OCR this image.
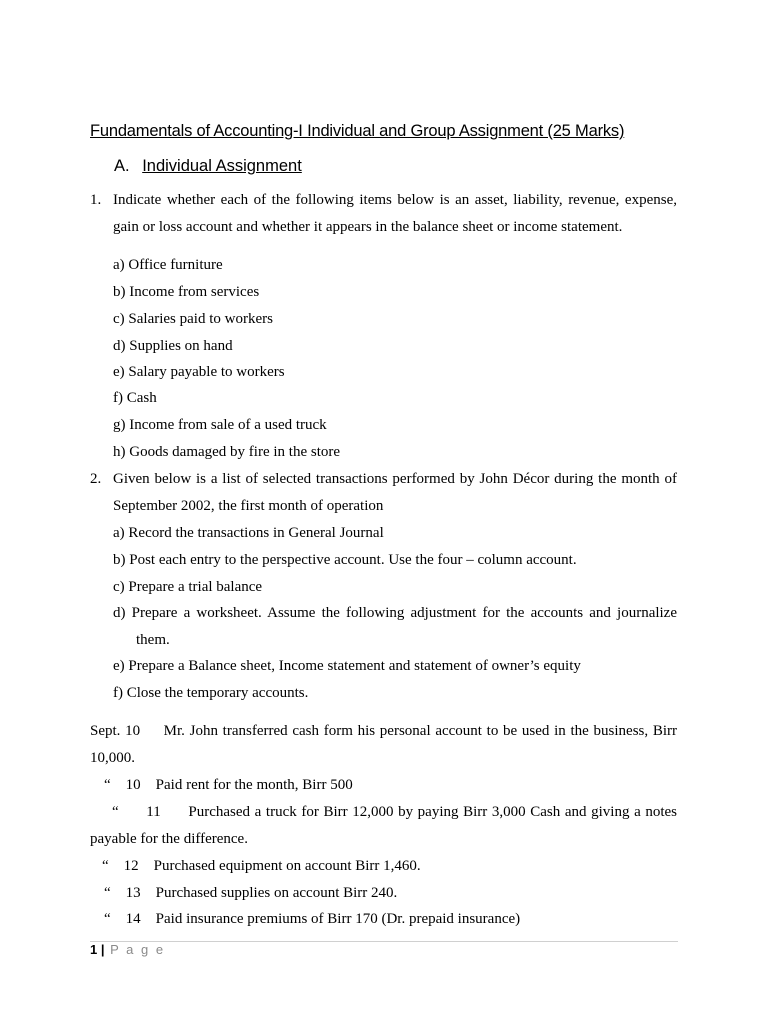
Fundamentals of Accounting-I Individual and Group Assignment (25 Marks)
A. Individual Assignment
1. Indicate whether each of the following items below is an asset, liability, revenue, expense,
gain or loss account and whether it appears in the balance sheet or income statement.
a) Office furniture
b) Income from services
c) Salaries paid to workers
d) Supplies on hand
e) Salary payable to workers
f) Cash
g) Income from sale of a used truck
h) Goods damaged by fire in the store
2. Given below is a list of selected transactions performed by John Décor during the month of
September 2002, the first month of operation
a) Record the transactions in General Journal
b) Post each entry to the perspective account. Use the four – column account.
c) Prepare a trial balance
d) Prepare a worksheet. Assume the following adjustment for the accounts and journalize
them.
e) Prepare a Balance sheet, Income statement and statement of owner’s equity
f) Close the temporary accounts.
Sept. 10     Mr. John transferred cash form his personal account to be used in the business, Birr
10,000.
“    10    Paid rent for the month, Birr 500
“      11      Purchased a truck for Birr 12,000 by paying Birr 3,000 Cash and giving a notes
payable for the difference.
“    12    Purchased equipment on account Birr 1,460.
“    13    Purchased supplies on account Birr 240.
“    14    Paid insurance premiums of Birr 170 (Dr. prepaid insurance)
1 | P a g e
